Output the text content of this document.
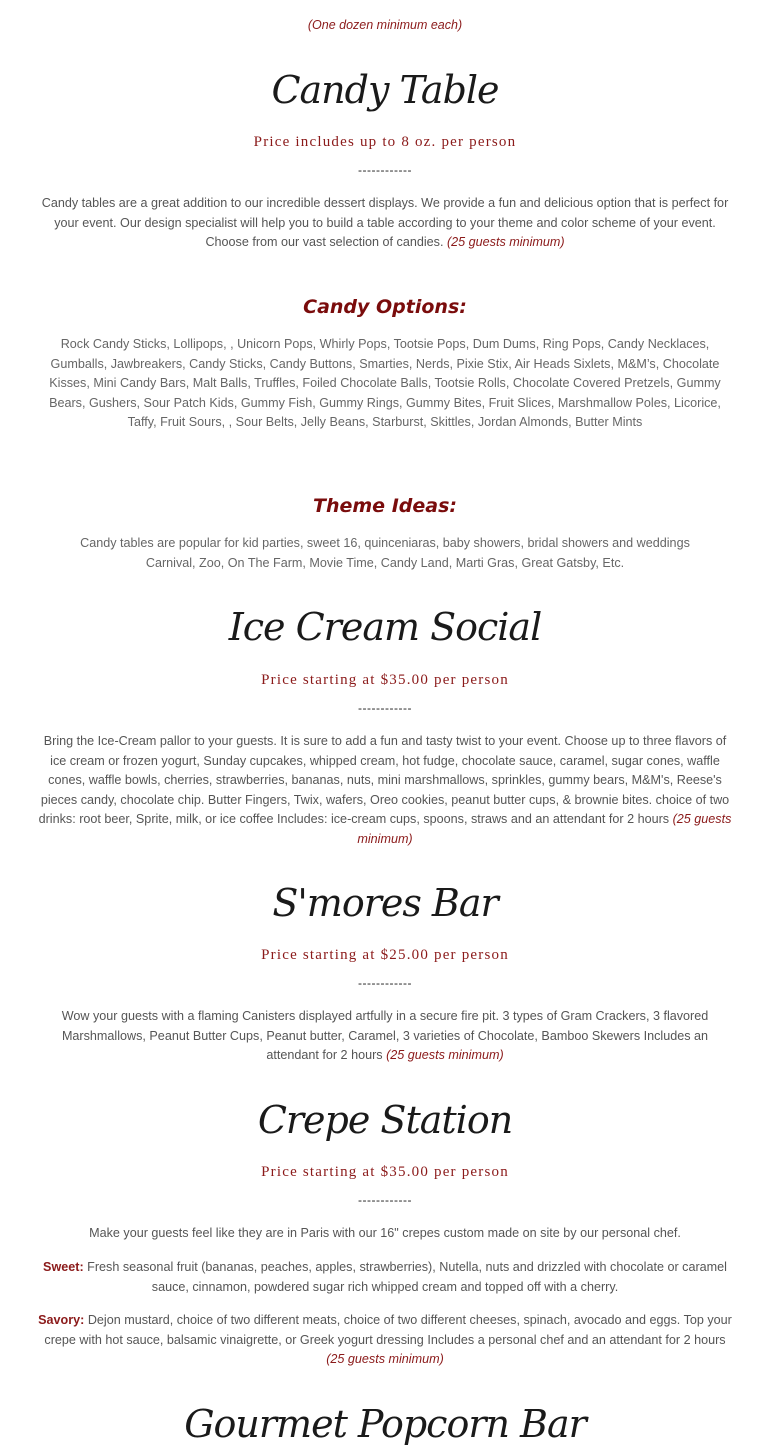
(One dozen minimum each)
Candy Table
Price includes up to 8 oz. per person
------------
Candy tables are a great addition to our incredible dessert displays. We provide a fun and delicious option that is perfect for your event. Our design specialist will help you to build a table according to your theme and color scheme of your event. Choose from our vast selection of candies. (25 guests minimum)
Candy Options:
Rock Candy Sticks, Lollipops, , Unicorn Pops, Whirly Pops, Tootsie Pops, Dum Dums, Ring Pops, Candy Necklaces, Gumballs, Jawbreakers, Candy Sticks, Candy Buttons, Smarties, Nerds, Pixie Stix, Air Heads Sixlets, M&M’s, Chocolate Kisses, Mini Candy Bars, Malt Balls, Truffles, Foiled Chocolate Balls, Tootsie Rolls, Chocolate Covered Pretzels, Gummy Bears, Gushers, Sour Patch Kids, Gummy Fish, Gummy Rings, Gummy Bites, Fruit Slices, Marshmallow Poles, Licorice, Taffy, Fruit Sours, , Sour Belts, Jelly Beans, Starburst, Skittles, Jordan Almonds, Butter Mints
Theme Ideas:
Candy tables are popular for kid parties, sweet 16, quinceniaras, baby showers, bridal showers and weddings
Carnival, Zoo, On The Farm, Movie Time, Candy Land, Marti Gras, Great Gatsby, Etc.
Ice Cream Social
Price starting at $35.00 per person
------------
Bring the Ice-Cream pallor to your guests. It is sure to add a fun and tasty twist to your event. Choose up to three flavors of ice cream or frozen yogurt, Sunday cupcakes, whipped cream, hot fudge, chocolate sauce, caramel, sugar cones, waffle cones, waffle bowls, cherries, strawberries, bananas, nuts, mini marshmallows, sprinkles, gummy bears, M&M's, Reese's pieces candy, chocolate chip. Butter Fingers, Twix, wafers, Oreo cookies, peanut butter cups, & brownie bites. choice of two drinks: root beer, Sprite, milk, or ice coffee Includes: ice-cream cups, spoons, straws and an attendant for 2 hours (25 guests minimum)
S'mores Bar
Price starting at $25.00 per person
------------
Wow your guests with a flaming Canisters displayed artfully in a secure fire pit. 3 types of Gram Crackers, 3 flavored Marshmallows, Peanut Butter Cups, Peanut butter, Caramel, 3 varieties of Chocolate, Bamboo Skewers Includes an attendant for 2 hours (25 guests minimum)
Crepe Station
Price starting at $35.00 per person
------------
Make your guests feel like they are in Paris with our 16" crepes custom made on site by our personal chef.
Sweet: Fresh seasonal fruit (bananas, peaches, apples, strawberries), Nutella, nuts and drizzled with chocolate or caramel sauce, cinnamon, powdered sugar rich whipped cream and topped off with a cherry.
Savory: Dejon mustard, choice of two different meats, choice of two different cheeses, spinach, avocado and eggs. Top your crepe with hot sauce, balsamic vinaigrette, or Greek yogurt dressing Includes a personal chef and an attendant for 2 hours (25 guests minimum)
Gourmet Popcorn Bar
